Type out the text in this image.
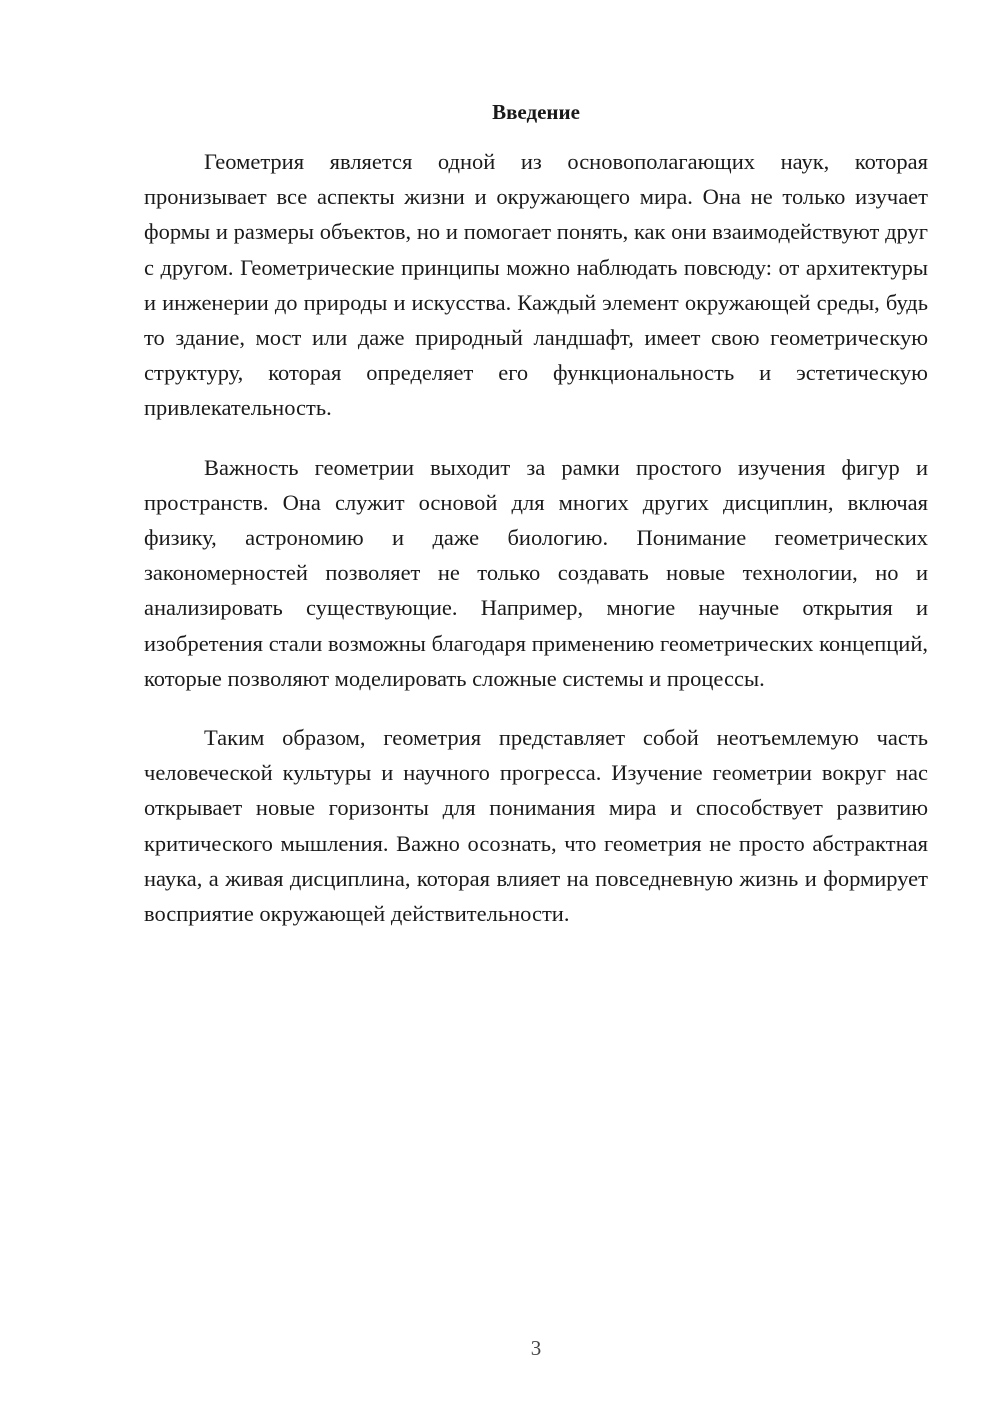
Введение

Геометрия является одной из основополагающих наук, которая пронизывает все аспекты жизни и окружающего мира. Она не только изучает формы и размеры объектов, но и помогает понять, как они взаимодействуют друг с другом. Геометрические принципы можно наблюдать повсюду: от архитектуры и инженерии до природы и искусства. Каждый элемент окружающей среды, будь то здание, мост или даже природный ландшафт, имеет свою геометрическую структуру, которая определяет его функциональность и эстетическую привлекательность.

Важность геометрии выходит за рамки простого изучения фигур и пространств. Она служит основой для многих других дисциплин, включая физику, астрономию и даже биологию. Понимание геометрических закономерностей позволяет не только создавать новые технологии, но и анализировать существующие. Например, многие научные открытия и изобретения стали возможны благодаря применению геометрических концепций, которые позволяют моделировать сложные системы и процессы.

Таким образом, геометрия представляет собой неотъемлемую часть человеческой культуры и научного прогресса. Изучение геометрии вокруг нас открывает новые горизонты для понимания мира и способствует развитию критического мышления. Важно осознать, что геометрия не просто абстрактная наука, а живая дисциплина, которая влияет на повседневную жизнь и формирует восприятие окружающей действительности.

3
